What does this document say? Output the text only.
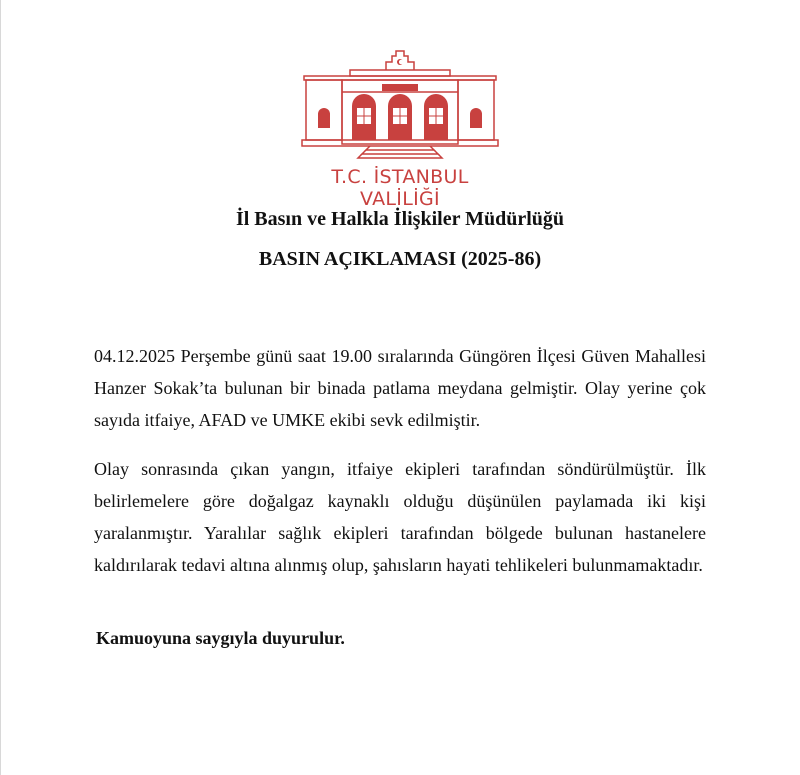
T.C. İSTANBUL VALİLİĞİ
İl Basın ve Halkla İlişkiler Müdürlüğü
BASIN AÇIKLAMASI (2025-86)
04.12.2025 Perşembe günü saat 19.00 sıralarında Güngören İlçesi Güven Mahallesi Hanzer Sokak’ta bulunan bir binada patlama meydana gelmiştir. Olay yerine çok sayıda itfaiye, AFAD ve UMKE ekibi sevk edilmiştir.
Olay sonrasında çıkan yangın, itfaiye ekipleri tarafından söndürülmüştür. İlk belirlemelere göre doğalgaz kaynaklı olduğu düşünülen paylamada iki kişi yaralanmıştır. Yaralılar sağlık ekipleri tarafından bölgede bulunan hastanelere kaldırılarak tedavi altına alınmış olup, şahısların hayati tehlikeleri bulunmamaktadır.
Kamuoyuna saygıyla duyurulur.
